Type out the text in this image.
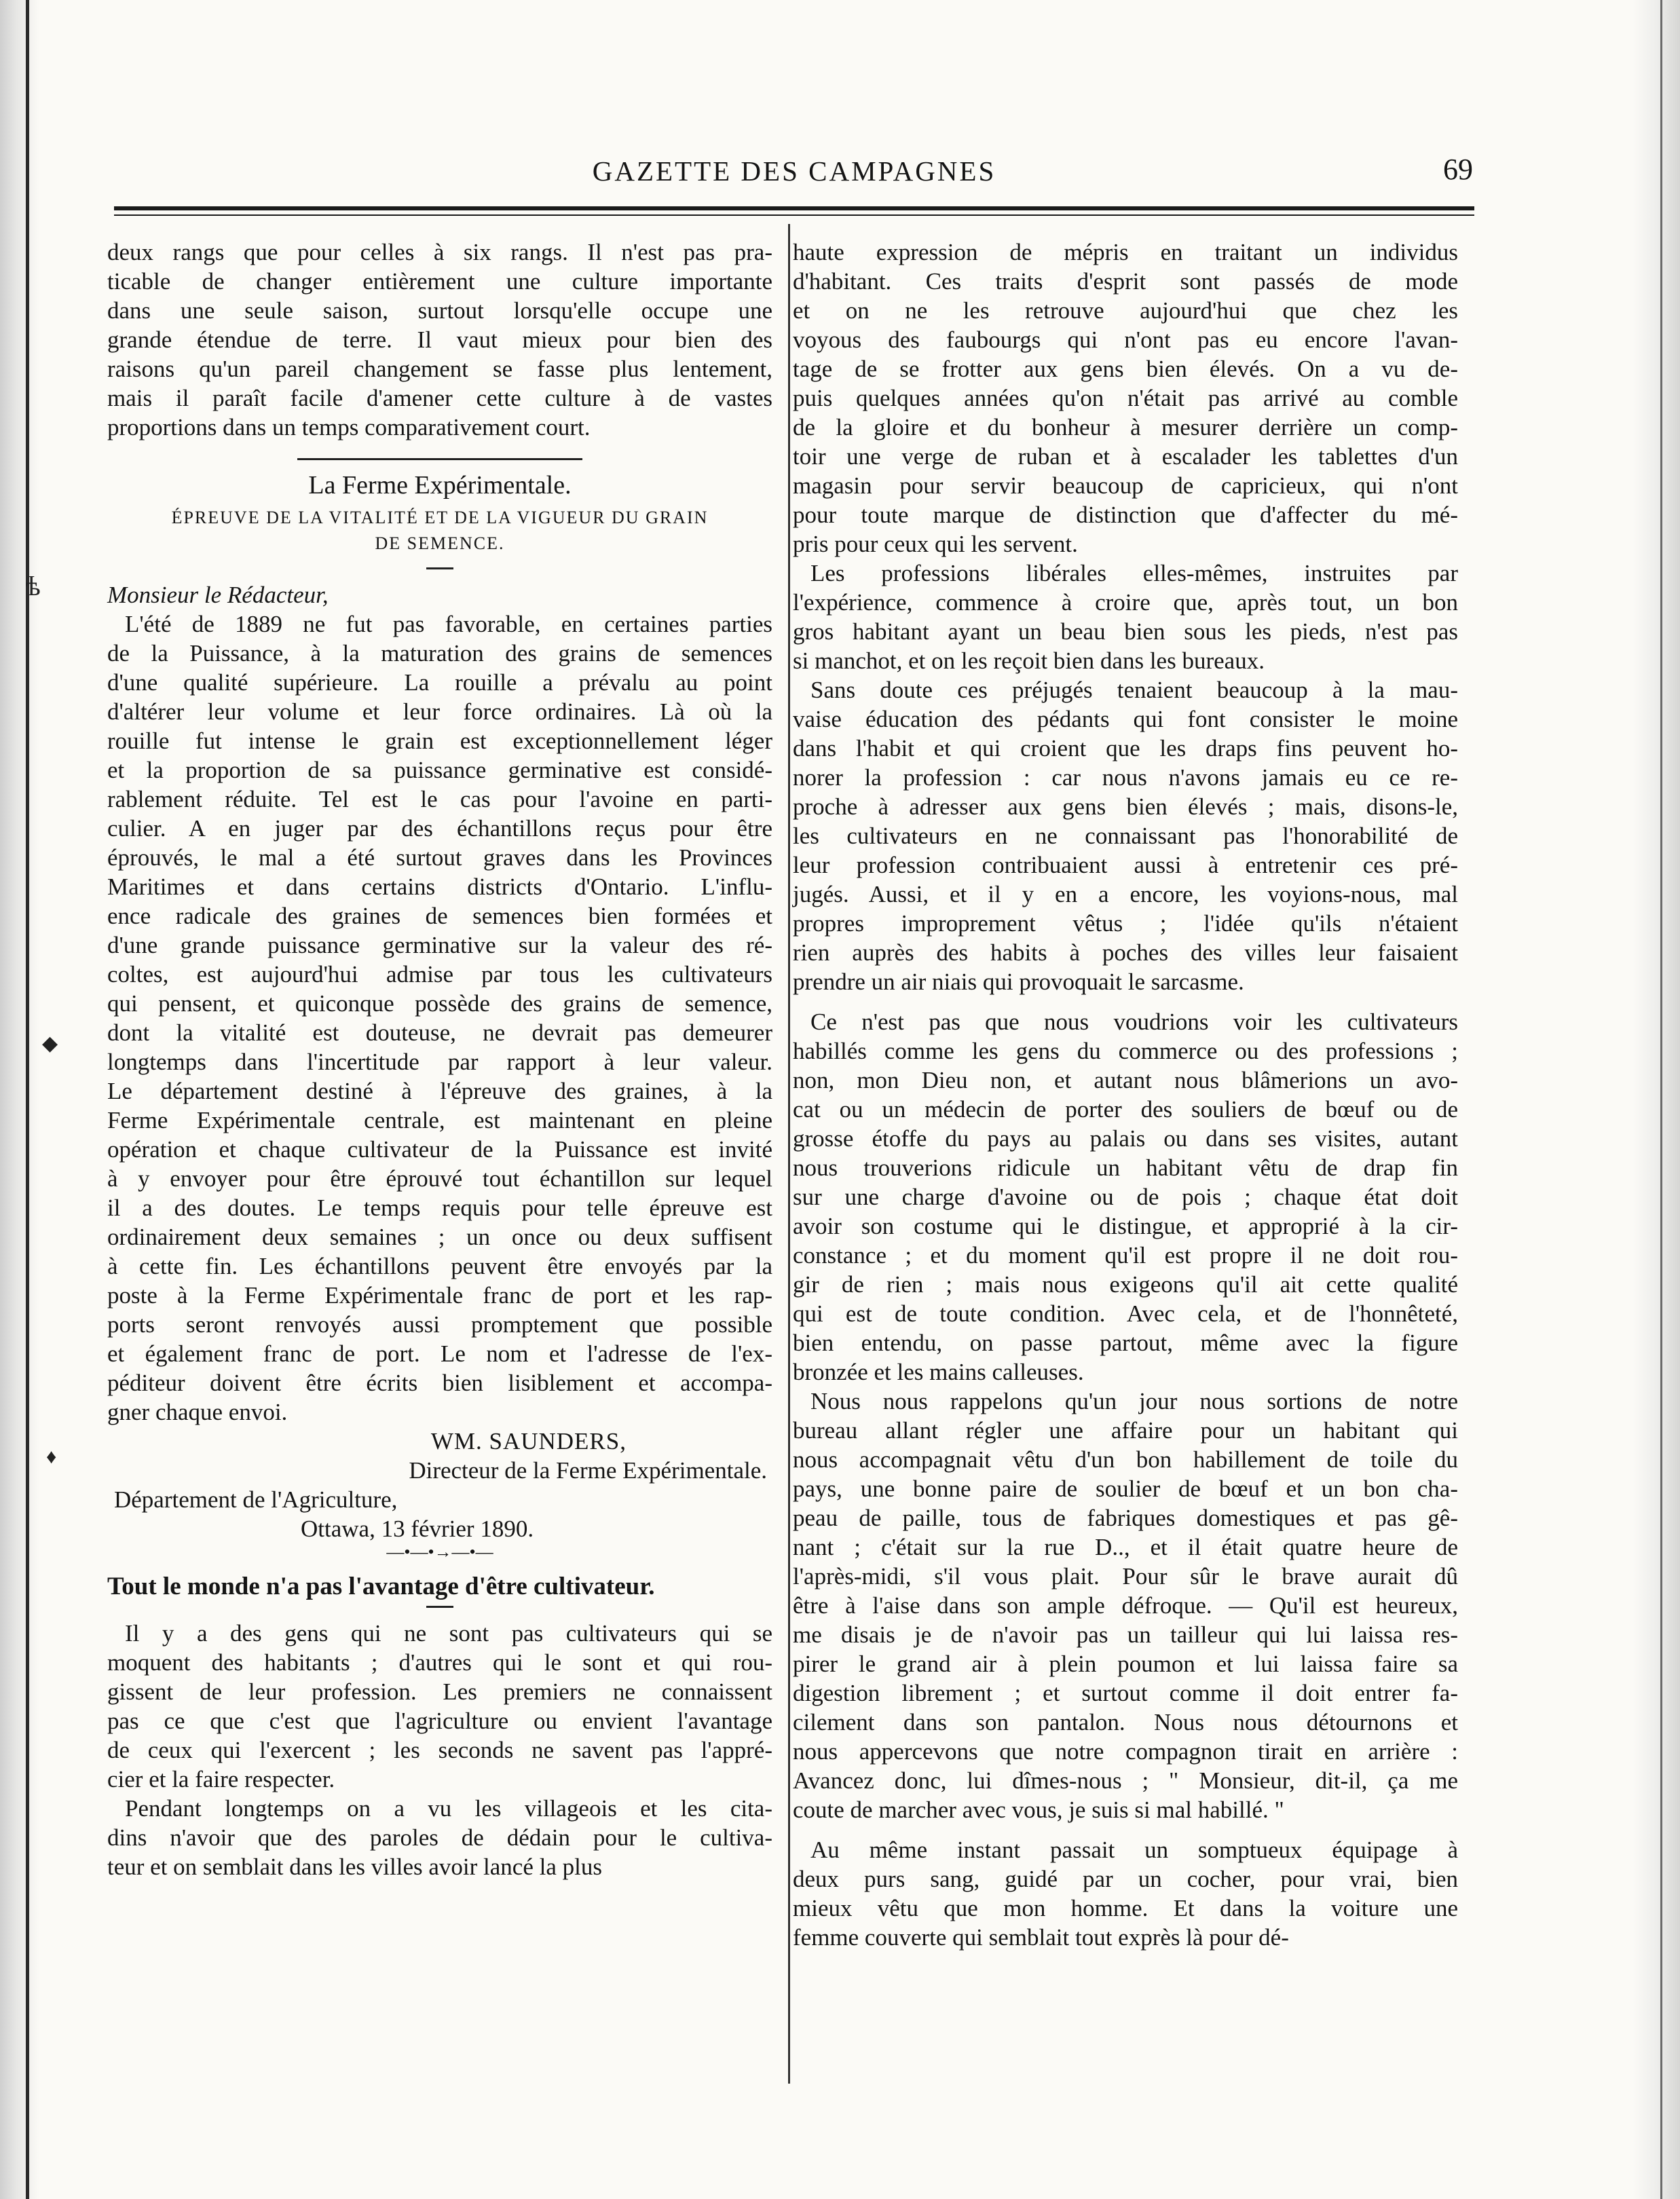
ѣ
◆
♦
GAZETTE DES CAMPAGNES	69
deux rangs que pour celles à six rangs. Il n'est pas pra-
ticable de changer entièrement une culture importante
dans une seule saison, surtout lorsqu'elle occupe une
grande étendue de terre. Il vaut mieux pour bien des
raisons qu'un pareil changement se fasse plus lentement,
mais il paraît facile d'amener cette culture à de vastes
proportions dans un temps comparativement court.
La Ferme Expérimentale.
ÉPREUVE DE LA VITALITÉ ET DE LA VIGUEUR DU GRAIN
DE SEMENCE.
Monsieur le Rédacteur,
L'été de 1889 ne fut pas favorable, en certaines parties
de la Puissance, à la maturation des grains de semences
d'une qualité supérieure. La rouille a prévalu au point
d'altérer leur volume et leur force ordinaires. Là où la
rouille fut intense le grain est exceptionnellement léger
et la proportion de sa puissance germinative est considé-
rablement réduite. Tel est le cas pour l'avoine en parti-
culier. A en juger par des échantillons reçus pour être
éprouvés, le mal a été surtout graves dans les Provinces
Maritimes et dans certains districts d'Ontario. L'influ-
ence radicale des graines de semences bien formées et
d'une grande puissance germinative sur la valeur des ré-
coltes, est aujourd'hui admise par tous les cultivateurs
qui pensent, et quiconque possède des grains de semence,
dont la vitalité est douteuse, ne devrait pas demeurer
longtemps dans l'incertitude par rapport à leur valeur.
Le département destiné à l'épreuve des graines, à la
Ferme Expérimentale centrale, est maintenant en pleine
opération et chaque cultivateur de la Puissance est invité
à y envoyer pour être éprouvé tout échantillon sur lequel
il a des doutes. Le temps requis pour telle épreuve est
ordinairement deux semaines ; un once ou deux suffisent
à cette fin. Les échantillons peuvent être envoyés par la
poste à la Ferme Expérimentale franc de port et les rap-
ports seront renvoyés aussi promptement que possible
et également franc de port. Le nom et l'adresse de l'ex-
péditeur doivent être écrits bien lisiblement et accompa-
gner chaque envoi.
WM. SAUNDERS,
Directeur de la Ferme Expérimentale.
Département de l'Agriculture,
Ottawa, 13 février 1890.
—•—•→—•—
Tout le monde n'a pas l'avantage d'être cultivateur.
Il y a des gens qui ne sont pas cultivateurs qui se
moquent des habitants ; d'autres qui le sont et qui rou-
gissent de leur profession. Les premiers ne connaissent
pas ce que c'est que l'agriculture ou envient l'avantage
de ceux qui l'exercent ; les seconds ne savent pas l'appré-
cier et la faire respecter.
Pendant longtemps on a vu les villageois et les cita-
dins n'avoir que des paroles de dédain pour le cultiva-
teur et on semblait dans les villes avoir lancé la plus
haute expression de mépris en traitant un individus
d'habitant. Ces traits d'esprit sont passés de mode
et on ne les retrouve aujourd'hui que chez les
voyous des faubourgs qui n'ont pas eu encore l'avan-
tage de se frotter aux gens bien élevés. On a vu de-
puis quelques années qu'on n'était pas arrivé au comble
de la gloire et du bonheur à mesurer derrière un comp-
toir une verge de ruban et à escalader les tablettes d'un
magasin pour servir beaucoup de capricieux, qui n'ont
pour toute marque de distinction que d'affecter du mé-
pris pour ceux qui les servent.
Les professions libérales elles-mêmes, instruites par
l'expérience, commence à croire que, après tout, un bon
gros habitant ayant un beau bien sous les pieds, n'est pas
si manchot, et on les reçoit bien dans les bureaux.
Sans doute ces préjugés tenaient beaucoup à la mau-
vaise éducation des pédants qui font consister le moine
dans l'habit et qui croient que les draps fins peuvent ho-
norer la profession : car nous n'avons jamais eu ce re-
proche à adresser aux gens bien élevés ; mais, disons-le,
les cultivateurs en ne connaissant pas l'honorabilité de
leur profession contribuaient aussi à entretenir ces pré-
jugés. Aussi, et il y en a encore, les voyions-nous, mal
propres improprement vêtus ; l'idée qu'ils n'étaient
rien auprès des habits à poches des villes leur faisaient
prendre un air niais qui provoquait le sarcasme.
Ce n'est pas que nous voudrions voir les cultivateurs
habillés comme les gens du commerce ou des professions ;
non, mon Dieu non, et autant nous blâmerions un avo-
cat ou un médecin de porter des souliers de bœuf ou de
grosse étoffe du pays au palais ou dans ses visites, autant
nous trouverions ridicule un habitant vêtu de drap fin
sur une charge d'avoine ou de pois ; chaque état doit
avoir son costume qui le distingue, et approprié à la cir-
constance ; et du moment qu'il est propre il ne doit rou-
gir de rien ; mais nous exigeons qu'il ait cette qualité
qui est de toute condition. Avec cela, et de l'honnêteté,
bien entendu, on passe partout, même avec la figure
bronzée et les mains calleuses.
Nous nous rappelons qu'un jour nous sortions de notre
bureau allant régler une affaire pour un habitant qui
nous accompagnait vêtu d'un bon habillement de toile du
pays, une bonne paire de soulier de bœuf et un bon cha-
peau de paille, tous de fabriques domestiques et pas gê-
nant ; c'était sur la rue D.., et il était quatre heure de
l'après-midi, s'il vous plait. Pour sûr le brave aurait dû
être à l'aise dans son ample défroque. — Qu'il est heureux,
me disais je de n'avoir pas un tailleur qui lui laissa res-
pirer le grand air à plein poumon et lui laissa faire sa
digestion librement ; et surtout comme il doit entrer fa-
cilement dans son pantalon. Nous nous détournons et
nous appercevons que notre compagnon tirait en arrière :
Avancez donc, lui dîmes-nous ; " Monsieur, dit-il, ça me
coute de marcher avec vous, je suis si mal habillé. "
Au même instant passait un somptueux équipage à
deux purs sang, guidé par un cocher, pour vrai, bien
mieux vêtu que mon homme. Et dans la voiture une
femme couverte qui semblait tout exprès là pour dé-
